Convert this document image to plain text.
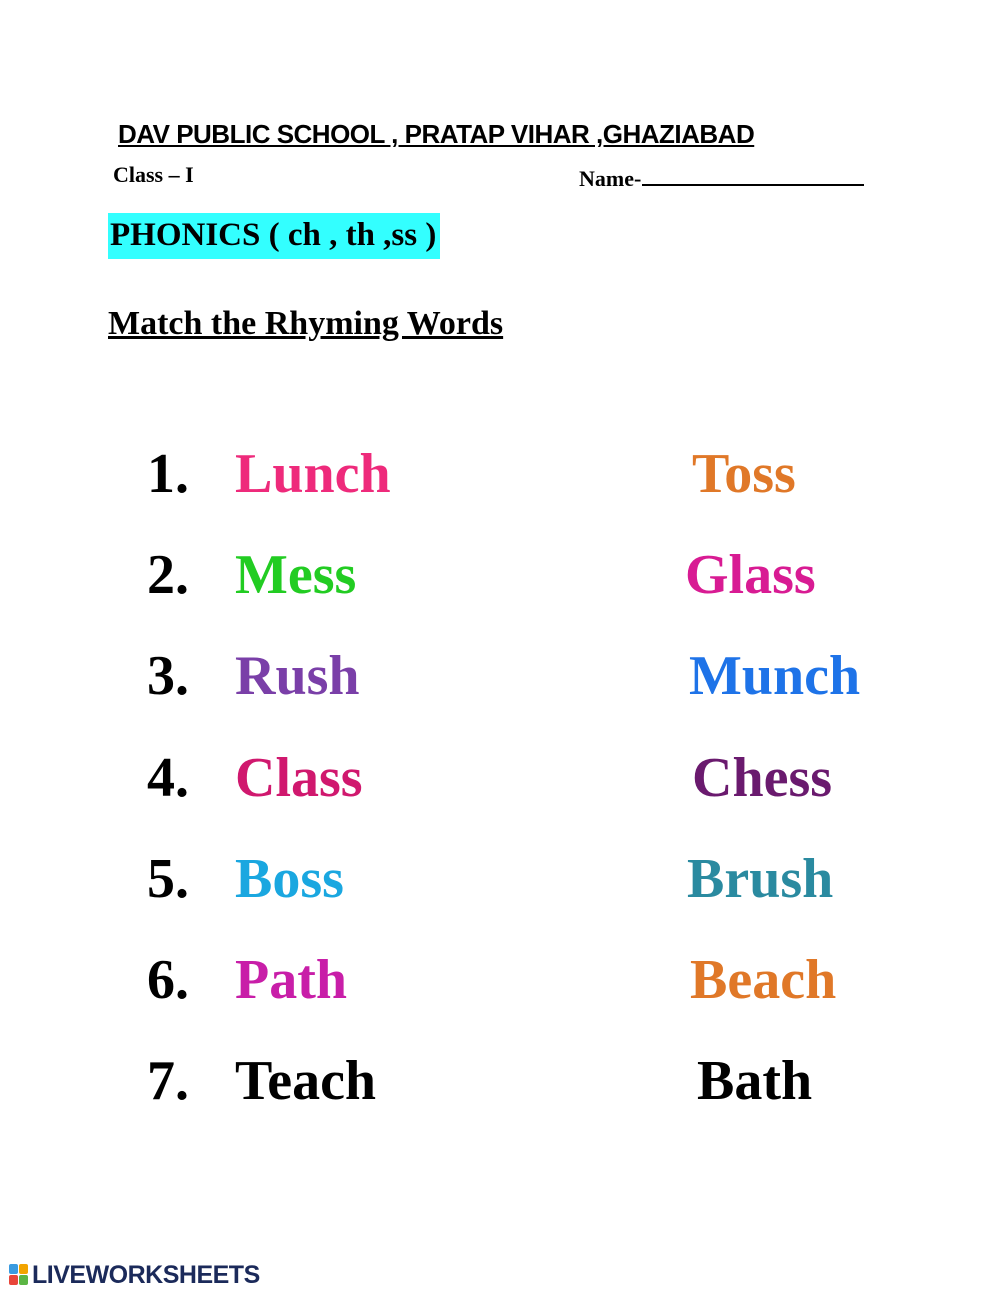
DAV PUBLIC SCHOOL , PRATAP VIHAR ,GHAZIABAD
Class – I	Name-
PHONICS ( ch , th ,ss )
Match the Rhyming Words
1. Lunch	Toss
2. Mess	Glass
3. Rush	Munch
4. Class	Chess
5. Boss	Brush
6. Path	Beach
7. Teach	Bath
LIVEWORKSHEETS
